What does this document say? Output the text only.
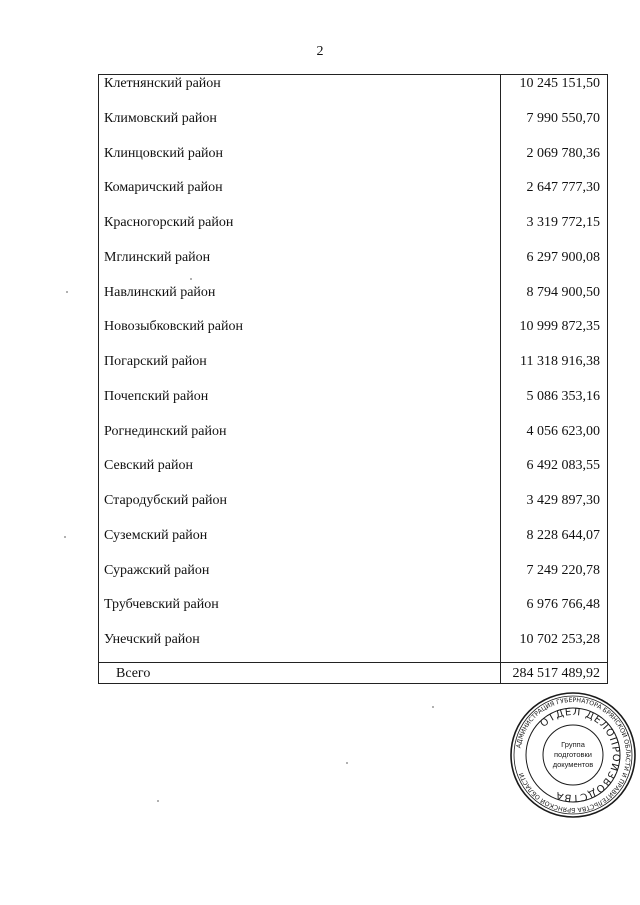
2
Клетнянский район	10 245 151,50
Климовский район	7 990 550,70
Клинцовский район	2 069 780,36
Комаричский район	2 647 777,30
Красногорский район	3 319 772,15
Мглинский район	6 297 900,08
Навлинский район	8 794 900,50
Новозыбковский район	10 999 872,35
Погарский район	11 318 916,38
Почепский район	5 086 353,16
Рогнединский район	4 056 623,00
Севский район	6 492 083,55
Стародубский район	3 429 897,30
Суземский район	8 228 644,07
Суражский район	7 249 220,78
Трубчевский район	6 976 766,48
Унечский район	10 702 253,28
Всего	284 517 489,92
АДМИНИСТРАЦИЯ ГУБЕРНАТОРА БРЯНСКОЙ ОБЛАСТИ И ПРАВИТЕЛЬСТВА БРЯНСКОЙ ОБЛАСТИ
ОТДЕЛ ДЕЛОПРОИЗВОДСТВА
Группа
подготовки
документов
